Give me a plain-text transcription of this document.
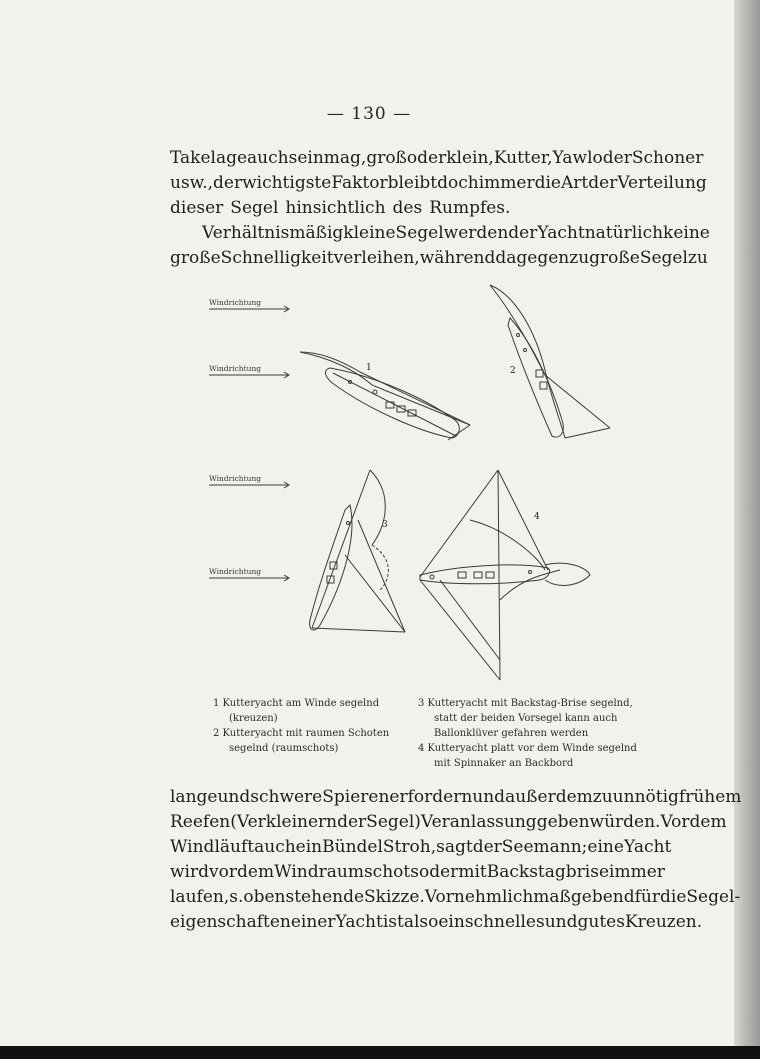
— 130 —
Takelage auch sein mag, groß oder klein, Kutter, Yawl oder Schoner
usw., der wichtigste Faktor bleibt doch immer die Art der Verteilung
dieser Segel hinsichtlich des Rumpfes.
Verhältnismäßig kleine Segel werden der Yacht natürlich keine
große Schnelligkeit verleihen, während dagegen zu große Segel zu
1	2
3
4
Windrichtung
Windrichtung
Windrichtung
Windrichtung
1 Kutteryacht am Winde segelnd
(kreuzen)
2 Kutteryacht mit raumen Schoten
segelnd (raumschots)
3 Kutteryacht mit Backstag-Brise segelnd,
statt der beiden Vorsegel kann auch
Ballonklüver gefahren werden
4 Kutteryacht platt vor dem Winde segelnd
mit Spinnaker an Backbord
lange und schwere Spieren erfordern und außerdem zu unnötig frühem
Reefen (Verkleinern der Segel) Veranlassung geben würden. Vor dem
Wind läuft auch ein Bündel Stroh, sagt der Seemann; eine Yacht
wird vor dem Wind raumschots oder mit Backstagbrise immer
laufen, s. obenstehende Skizze. Vornehmlich maßgebend für die Segel-
eigenschaften einer Yacht ist also ein schnelles und gutes Kreuzen.
